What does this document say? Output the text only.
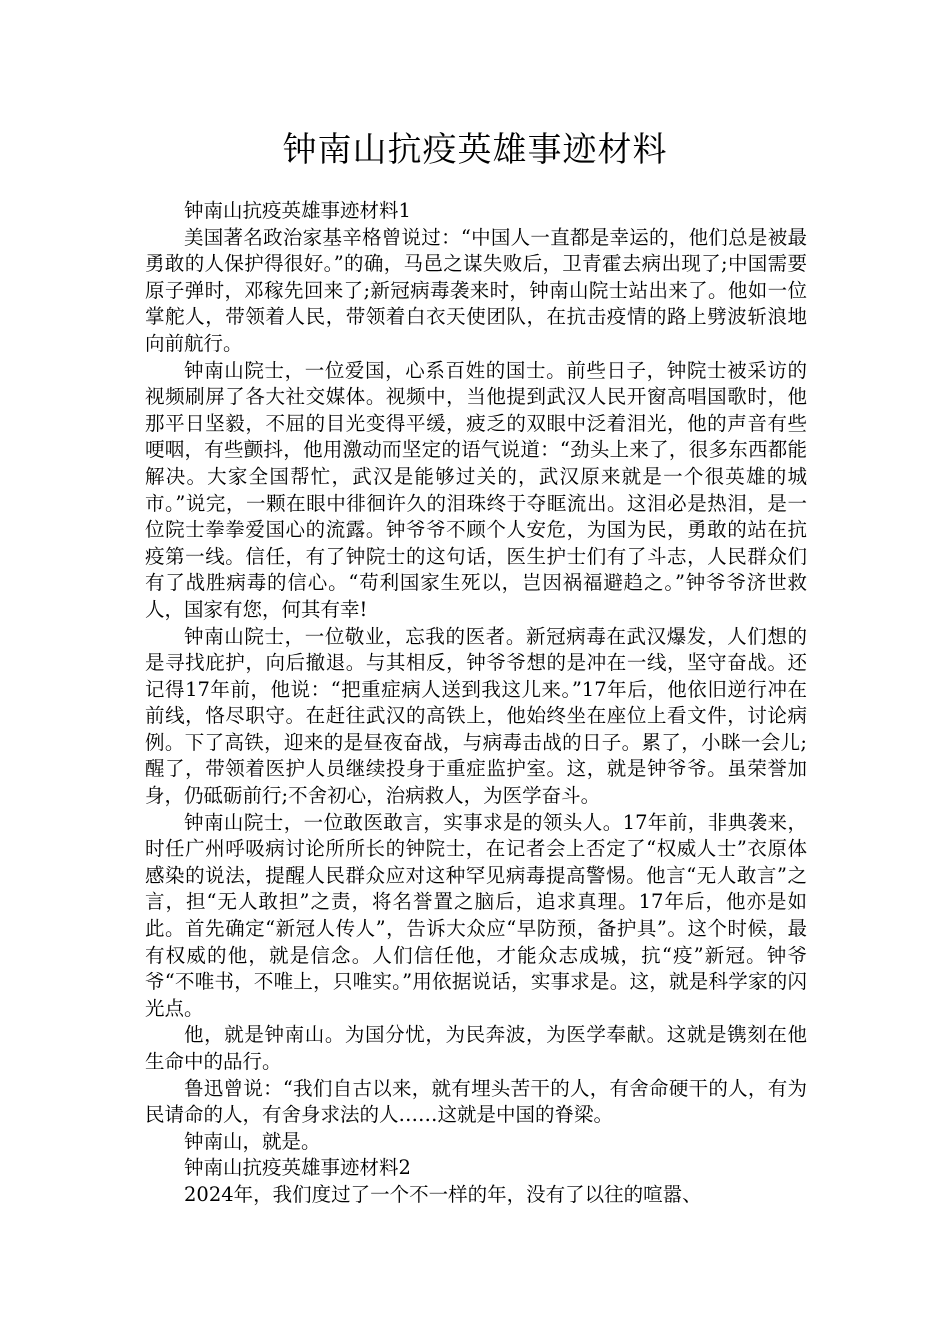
钟南山抗疫英雄事迹材料

钟南山抗疫英雄事迹材料1

美国著名政治家基辛格曾说过：“中国人一直都是幸运的，他们总是被最勇敢的人保护得很好。”的确，马邑之谋失败后，卫青霍去病出现了;中国需要原子弹时，邓稼先回来了;新冠病毒袭来时，钟南山院士站出来了。他如一位掌舵人，带领着人民，带领着白衣天使团队，在抗击疫情的路上劈波斩浪地向前航行。

钟南山院士，一位爱国，心系百姓的国士。前些日子，钟院士被采访的视频刷屏了各大社交媒体。视频中，当他提到武汉人民开窗高唱国歌时，他那平日坚毅，不屈的目光变得平缓，疲乏的双眼中泛着泪光，他的声音有些哽咽，有些颤抖，他用激动而坚定的语气说道：“劲头上来了，很多东西都能解决。大家全国帮忙，武汉是能够过关的，武汉原来就是一个很英雄的城市。”说完，一颗在眼中徘徊许久的泪珠终于夺眶流出。这泪必是热泪，是一位院士拳拳爱国心的流露。钟爷爷不顾个人安危，为国为民，勇敢的站在抗疫第一线。信任，有了钟院士的这句话，医生护士们有了斗志，人民群众们有了战胜病毒的信心。“苟利国家生死以，岂因祸福避趋之。”钟爷爷济世救人，国家有您，何其有幸!

钟南山院士，一位敬业，忘我的医者。新冠病毒在武汉爆发，人们想的是寻找庇护，向后撤退。与其相反，钟爷爷想的是冲在一线，坚守奋战。还记得17年前，他说：“把重症病人送到我这儿来。”17年后，他依旧逆行冲在前线，恪尽职守。在赶往武汉的高铁上，他始终坐在座位上看文件，讨论病例。下了高铁，迎来的是昼夜奋战，与病毒击战的日子。累了，小眯一会儿;醒了，带领着医护人员继续投身于重症监护室。这，就是钟爷爷。虽荣誉加身，仍砥砺前行;不舍初心，治病救人，为医学奋斗。

钟南山院士，一位敢医敢言，实事求是的领头人。17年前，非典袭来，时任广州呼吸病讨论所所长的钟院士，在记者会上否定了“权威人士”衣原体感染的说法，提醒人民群众应对这种罕见病毒提高警惕。他言“无人敢言”之言，担“无人敢担”之责，将名誉置之脑后，追求真理。17年后，他亦是如此。首先确定“新冠人传人”，告诉大众应“早防预，备护具”。这个时候，最有权威的他，就是信念。人们信任他，才能众志成城，抗“疫”新冠。钟爷爷“不唯书，不唯上，只唯实。”用依据说话，实事求是。这，就是科学家的闪光点。

他，就是钟南山。为国分忧，为民奔波，为医学奉献。这就是镌刻在他生命中的品行。

鲁迅曾说：“我们自古以来，就有埋头苦干的人，有舍命硬干的人，有为民请命的人，有舍身求法的人……这就是中国的脊梁。

钟南山，就是。

钟南山抗疫英雄事迹材料2

2024年，我们度过了一个不一样的年，没有了以往的喧嚣、
